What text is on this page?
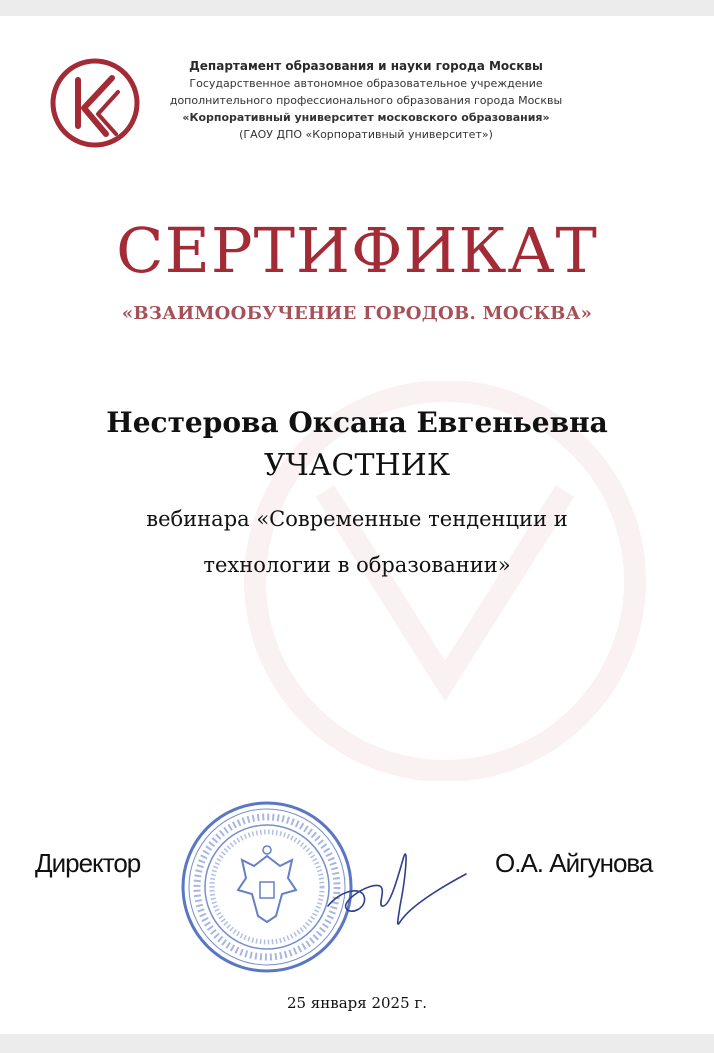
Департамент образования и науки города Москвы
Государственное автономное образовательное учреждение
дополнительного профессионального образования города Москвы
«Корпоративный университет московского образования»
(ГАОУ ДПО «Корпоративный университет»)
СЕРТИФИКАТ
«ВЗАИМООБУЧЕНИЕ ГОРОДОВ. МОСКВА»
Нестерова Оксана Евгеньевна
УЧАСТНИК
вебинара «Современные тенденции и
технологии в образовании»
Директор	О.А. Айгунова
25 января 2025 г.
